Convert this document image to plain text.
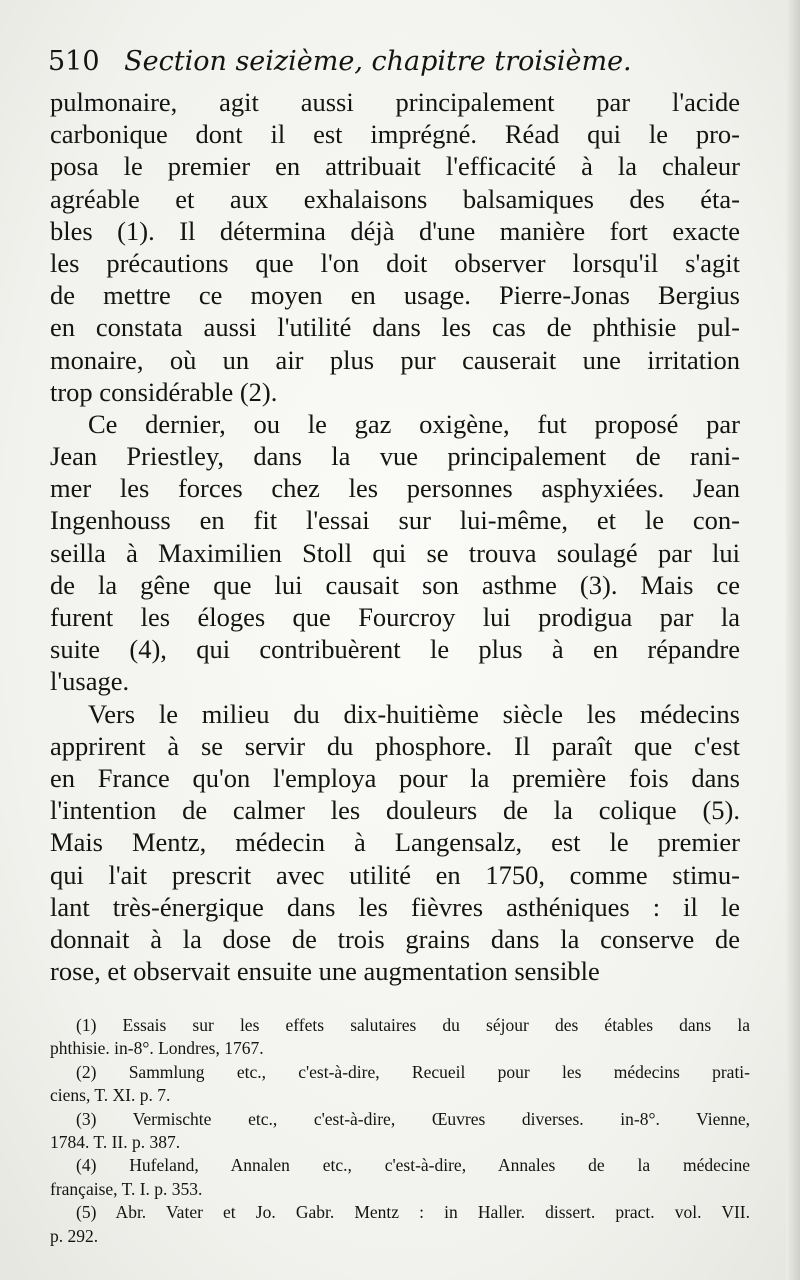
510 Section seizième, chapitre troisième.
pulmonaire, agit aussi principalement par l'acide
carbonique dont il est imprégné. Réad qui le pro-
posa le premier en attribuait l'efficacité à la chaleur
agréable et aux exhalaisons balsamiques des éta-
bles (1). Il détermina déjà d'une manière fort exacte
les précautions que l'on doit observer lorsqu'il s'agit
de mettre ce moyen en usage. Pierre-Jonas Bergius
en constata aussi l'utilité dans les cas de phthisie pul-
monaire, où un air plus pur causerait une irritation
trop considérable (2).
Ce dernier, ou le gaz oxigène, fut proposé par
Jean Priestley, dans la vue principalement de rani-
mer les forces chez les personnes asphyxiées. Jean
Ingenhouss en fit l'essai sur lui-même, et le con-
seilla à Maximilien Stoll qui se trouva soulagé par lui
de la gêne que lui causait son asthme (3). Mais ce
furent les éloges que Fourcroy lui prodigua par la
suite (4), qui contribuèrent le plus à en répandre
l'usage.
Vers le milieu du dix-huitième siècle les médecins
apprirent à se servir du phosphore. Il paraît que c'est
en France qu'on l'employa pour la première fois dans
l'intention de calmer les douleurs de la colique (5).
Mais Mentz, médecin à Langensalz, est le premier
qui l'ait prescrit avec utilité en 1750, comme stimu-
lant très-énergique dans les fièvres asthéniques : il le
donnait à la dose de trois grains dans la conserve de
rose, et observait ensuite une augmentation sensible
(1) Essais sur les effets salutaires du séjour des étables dans la
phthisie. in-8°. Londres, 1767.
(2) Sammlung etc., c'est-à-dire, Recueil pour les médecins prati-
ciens, T. XI. p. 7.
(3) Vermischte etc., c'est-à-dire, Œuvres diverses. in-8°. Vienne,
1784. T. II. p. 387.
(4) Hufeland, Annalen etc., c'est-à-dire, Annales de la médecine
française, T. I. p. 353.
(5) Abr. Vater et Jo. Gabr. Mentz : in Haller. dissert. pract. vol. VII.
p. 292.
